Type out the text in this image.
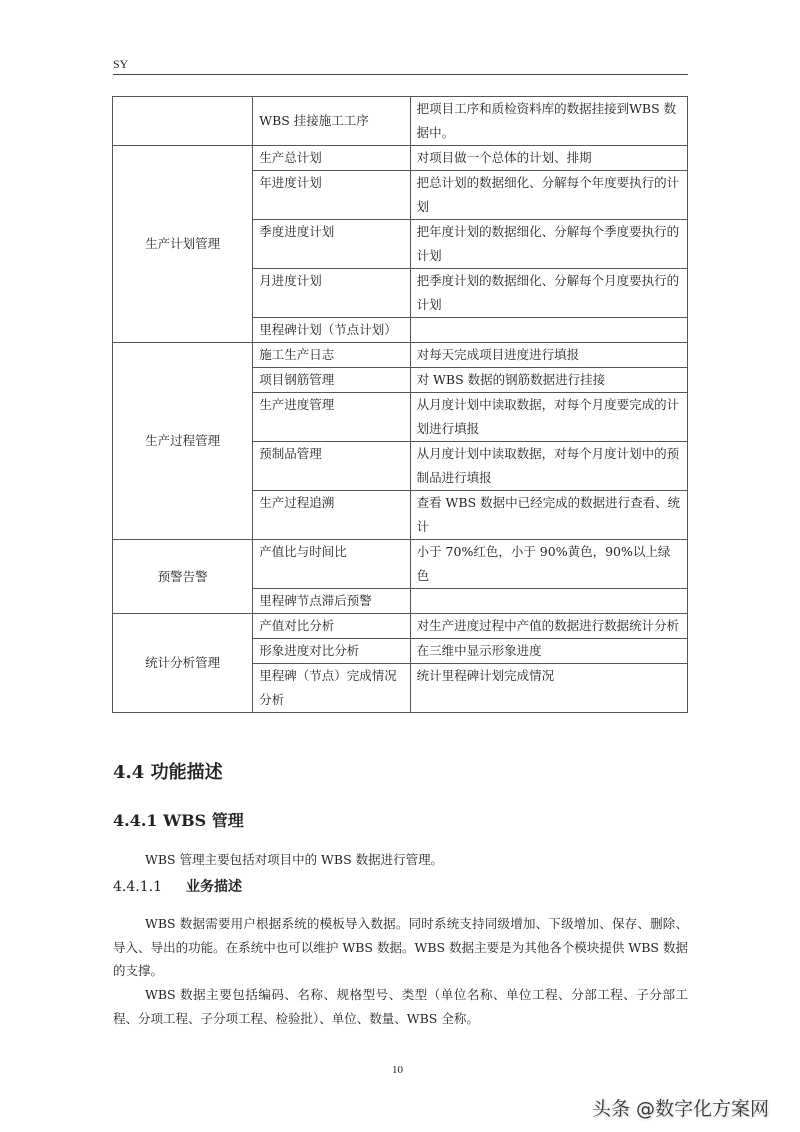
SY
	WBS 挂接施工工序	把项目工序和质检资料库的数据挂接到WBS 数据中。
生产计划管理	生产总计划	对项目做一个总体的计划、排期
	年进度计划	把总计划的数据细化、分解每个年度要执行的计划
	季度进度计划	把年度计划的数据细化、分解每个季度要执行的计划
	月进度计划	把季度计划的数据细化、分解每个月度要执行的计划
	里程碑计划（节点计划）	
生产过程管理	施工生产日志	对每天完成项目进度进行填报
	项目钢筋管理	对 WBS 数据的钢筋数据进行挂接
	生产进度管理	从月度计划中读取数据，对每个月度要完成的计划进行填报
	预制品管理	从月度计划中读取数据，对每个月度计划中的预制品进行填报
	生产过程追溯	查看 WBS 数据中已经完成的数据进行查看、统计
预警告警	产值比与时间比	小于 70%红色，小于 90%黄色，90%以上绿色
	里程碑节点滞后预警	
统计分析管理	产值对比分析	对生产进度过程中产值的数据进行数据统计分析
	形象进度对比分析	在三维中显示形象进度
	里程碑（节点）完成情况分析	统计里程碑计划完成情况
4.4 功能描述
4.4.1 WBS 管理
WBS 管理主要包括对项目中的 WBS 数据进行管理。
4.4.1.1 业务描述
WBS 数据需要用户根据系统的模板导入数据。同时系统支持同级增加、下级增加、保存、删除、导入、导出的功能。在系统中也可以维护 WBS 数据。WBS 数据主要是为其他各个模块提供 WBS 数据的支撑。
WBS 数据主要包括编码、名称、规格型号、类型（单位名称、单位工程、分部工程、子分部工程、分项工程、子分项工程、检验批）、单位、数量、WBS 全称。
10
头条 @数字化方案网
